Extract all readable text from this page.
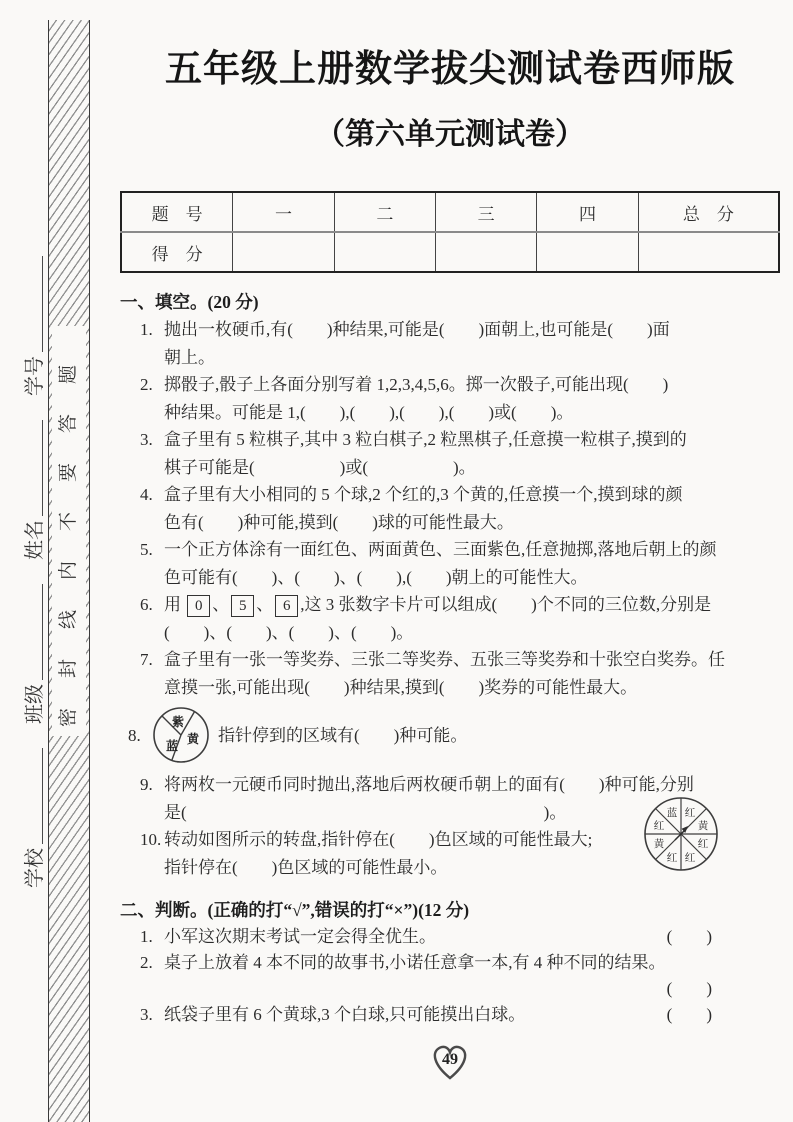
学校
班级
姓名
学号 密封线内不要答题
五年级上册数学拔尖测试卷西师版
（第六单元测试卷）
题　号	一	二	三	四	总　分
得　分					
一、填空。(20 分)
1. 抛出一枚硬币,有(　　)种结果,可能是(　　)面朝上,也可能是(　　)面
朝上。
2. 掷骰子,骰子上各面分别写着 1,2,3,4,5,6。掷一次骰子,可能出现(　　)
种结果。可能是 1,(　　),(　　),(　　),(　　)或(　　)。
3. 盒子里有 5 粒棋子,其中 3 粒白棋子,2 粒黑棋子,任意摸一粒棋子,摸到的
棋子可能是(　　　　　)或(　　　　　)。
4. 盒子里有大小相同的 5 个球,2 个红的,3 个黄的,任意摸一个,摸到球的颜
色有(　　)种可能,摸到(　　)球的可能性最大。
5. 一个正方体涂有一面红色、两面黄色、三面紫色,任意抛掷,落地后朝上的颜
色可能有(　　)、(　　)、(　　),(　　)朝上的可能性大。
6. 用 0 、 5 、 6 ,这 3 张数字卡片可以组成(　　)个不同的三位数,分别是
(　　)、(　　)、(　　)、(　　)。
7. 盒子里有一张一等奖券、三张二等奖券、五张三等奖券和十张空白奖券。任
意摸一张,可能出现(　　)种结果,摸到(　　)奖券的可能性最大。
8.
紫
蓝 黄 指针停到的区域有(　　)种可能。
9. 将两枚一元硬币同时抛出,落地后两枚硬币朝上的面有(　　)种可能,分别
是(　　　　　　　　　　　　　　　　　　　　　)。
10. 转动如图所示的转盘,指针停在(　　)色区域的可能性最大;
指针停在(　　)色区域的可能性最小。
蓝 红
黄
红
红
红
黄
红
二、判断。(正确的打“√”,错误的打“×”)(12 分)
1. 小军这次期末考试一定会得全优生。	(　　)
2. 桌子上放着 4 本不同的故事书,小诺任意拿一本,有 4 种不同的结果。
(　　)
3. 纸袋子里有 6 个黄球,3 个白球,只可能摸出白球。	(　　)
49
